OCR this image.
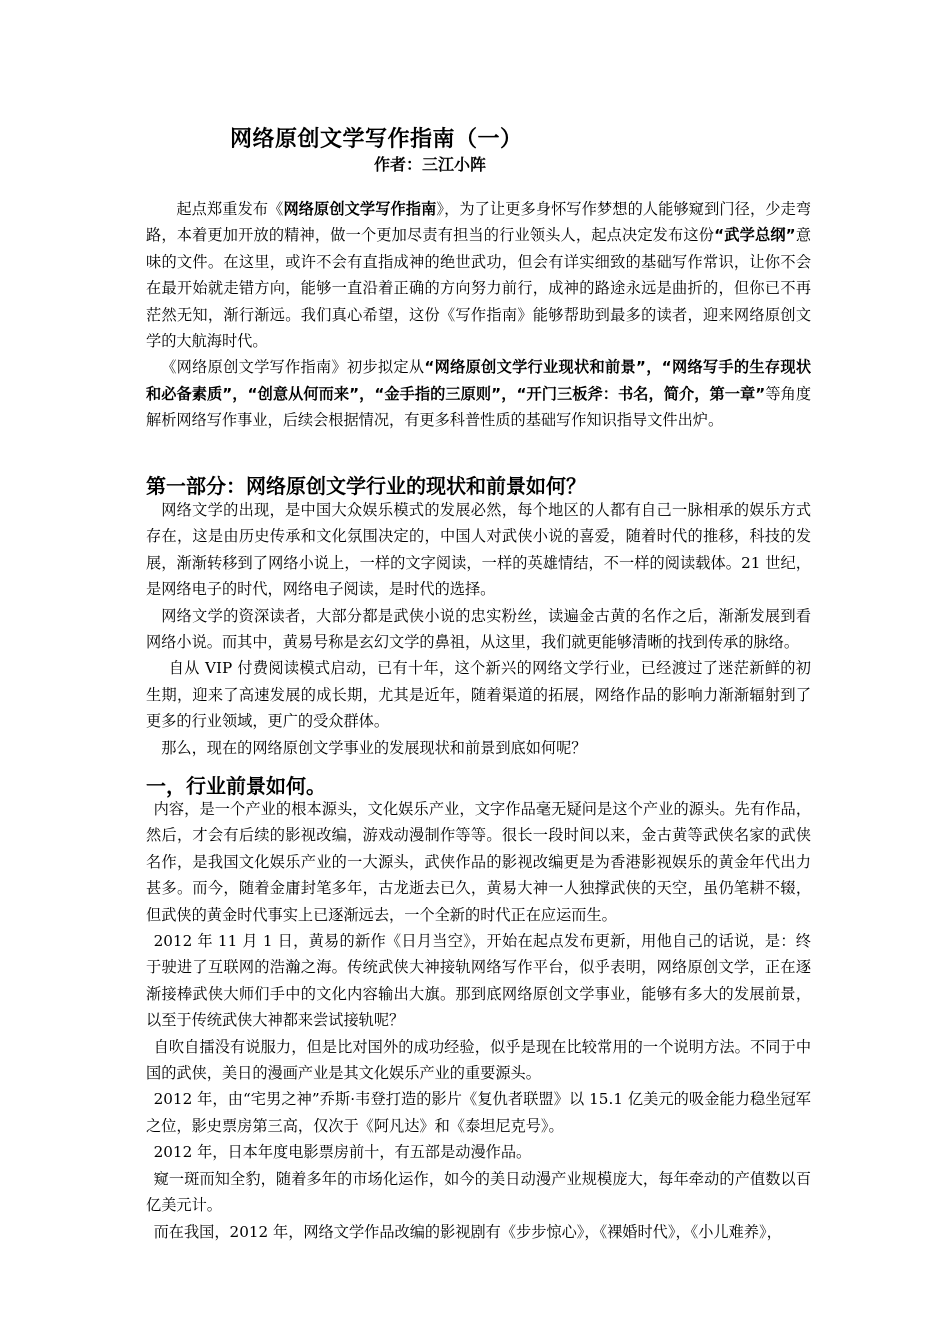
网络原创文学写作指南（一）
作者：三江小阵

起点郑重发布《网络原创文学写作指南》，为了让更多身怀写作梦想的人能够窥到门径，少走弯路，本着更加开放的精神，做一个更加尽责有担当的行业领头人，起点决定发布这份“武学总纲”意味的文件。在这里，或许不会有直指成神的绝世武功，但会有详实细致的基础写作常识，让你不会在最开始就走错方向，能够一直沿着正确的方向努力前行，成神的路途永远是曲折的，但你已不再茫然无知，渐行渐远。我们真心希望，这份《写作指南》能够帮助到最多的读者，迎来网络原创文学的大航海时代。

《网络原创文学写作指南》初步拟定从“网络原创文学行业现状和前景”，“网络写手的生存现状和必备素质”，“创意从何而来”，“金手指的三原则”，“开门三板斧：书名，简介，第一章”等角度解析网络写作事业，后续会根据情况，有更多科普性质的基础写作知识指导文件出炉。

第一部分：网络原创文学行业的现状和前景如何？

网络文学的出现，是中国大众娱乐模式的发展必然，每个地区的人都有自己一脉相承的娱乐方式存在，这是由历史传承和文化氛围决定的，中国人对武侠小说的喜爱，随着时代的推移，科技的发展，渐渐转移到了网络小说上，一样的文字阅读，一样的英雄情结，不一样的阅读载体。21 世纪，是网络电子的时代，网络电子阅读，是时代的选择。

网络文学的资深读者，大部分都是武侠小说的忠实粉丝，读遍金古黄的名作之后，渐渐发展到看网络小说。而其中，黄易号称是玄幻文学的鼻祖，从这里，我们就更能够清晰的找到传承的脉络。

自从 VIP 付费阅读模式启动，已有十年，这个新兴的网络文学行业，已经渡过了迷茫新鲜的初生期，迎来了高速发展的成长期，尤其是近年，随着渠道的拓展，网络作品的影响力渐渐辐射到了更多的行业领域，更广的受众群体。

那么，现在的网络原创文学事业的发展现状和前景到底如何呢？

一，行业前景如何。

内容，是一个产业的根本源头，文化娱乐产业，文字作品毫无疑问是这个产业的源头。先有作品，然后，才会有后续的影视改编，游戏动漫制作等等。很长一段时间以来，金古黄等武侠名家的武侠名作，是我国文化娱乐产业的一大源头，武侠作品的影视改编更是为香港影视娱乐的黄金年代出力甚多。而今，随着金庸封笔多年，古龙逝去已久，黄易大神一人独撑武侠的天空，虽仍笔耕不辍，但武侠的黄金时代事实上已逐渐远去，一个全新的时代正在应运而生。

2012 年 11 月 1 日，黄易的新作《日月当空》，开始在起点发布更新，用他自己的话说，是：终于驶进了互联网的浩瀚之海。传统武侠大神接轨网络写作平台，似乎表明，网络原创文学，正在逐渐接棒武侠大师们手中的文化内容输出大旗。那到底网络原创文学事业，能够有多大的发展前景，以至于传统武侠大神都来尝试接轨呢？

自吹自擂没有说服力，但是比对国外的成功经验，似乎是现在比较常用的一个说明方法。不同于中国的武侠，美日的漫画产业是其文化娱乐产业的重要源头。

2012 年，由“宅男之神”乔斯·韦登打造的影片《复仇者联盟》以 15.1 亿美元的吸金能力稳坐冠军之位，影史票房第三高，仅次于《阿凡达》和《泰坦尼克号》。

2012 年，日本年度电影票房前十，有五部是动漫作品。

窥一斑而知全豹，随着多年的市场化运作，如今的美日动漫产业规模庞大，每年牵动的产值数以百亿美元计。

而在我国，2012 年，网络文学作品改编的影视剧有《步步惊心》，《裸婚时代》，《小儿难养》，
